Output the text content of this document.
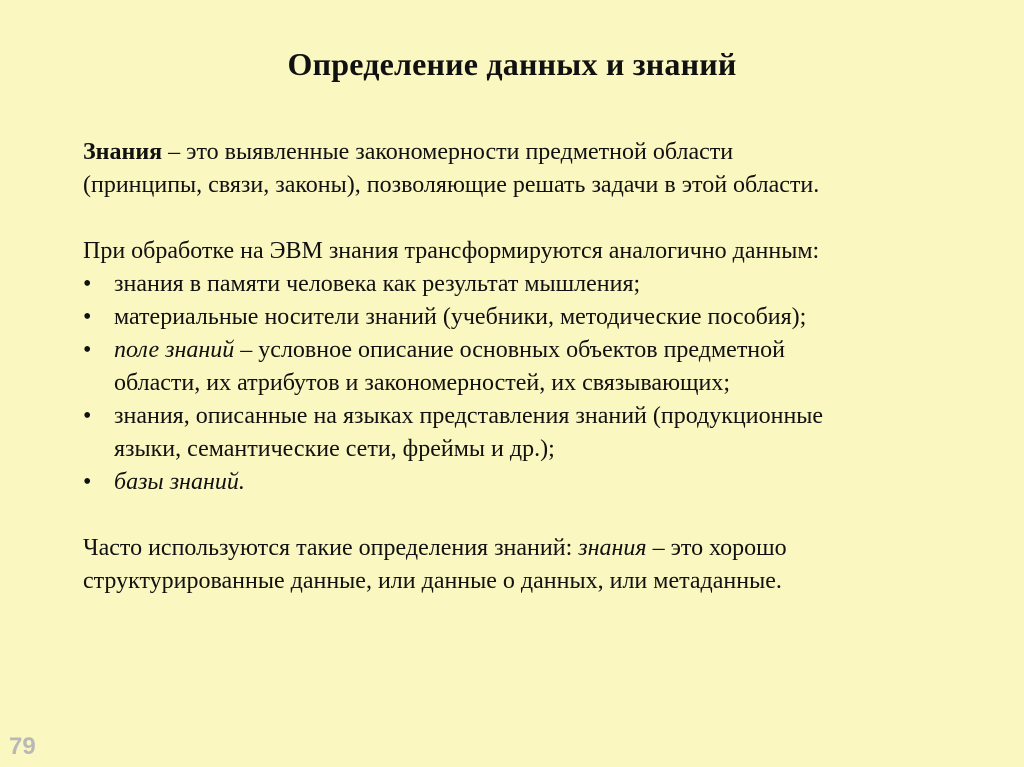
Определение данных и знаний

Знания – это выявленные закономерности предметной области
(принципы, связи, законы), позволяющие решать задачи в этой области.

При обработке на ЭВМ знания трансформируются аналогично данным:

• знания в памяти человека как результат мышления;
• материальные носители знаний (учебники, методические пособия);
• поле знаний – условное описание основных объектов предметной
области, их атрибутов и закономерностей, их связывающих;
• знания, описанные на языках представления знаний (продукционные
языки, семантические сети, фреймы и др.);
• базы знаний.

Часто используются такие определения знаний: знания – это хорошо
структурированные данные, или данные о данных, или метаданные.

79
